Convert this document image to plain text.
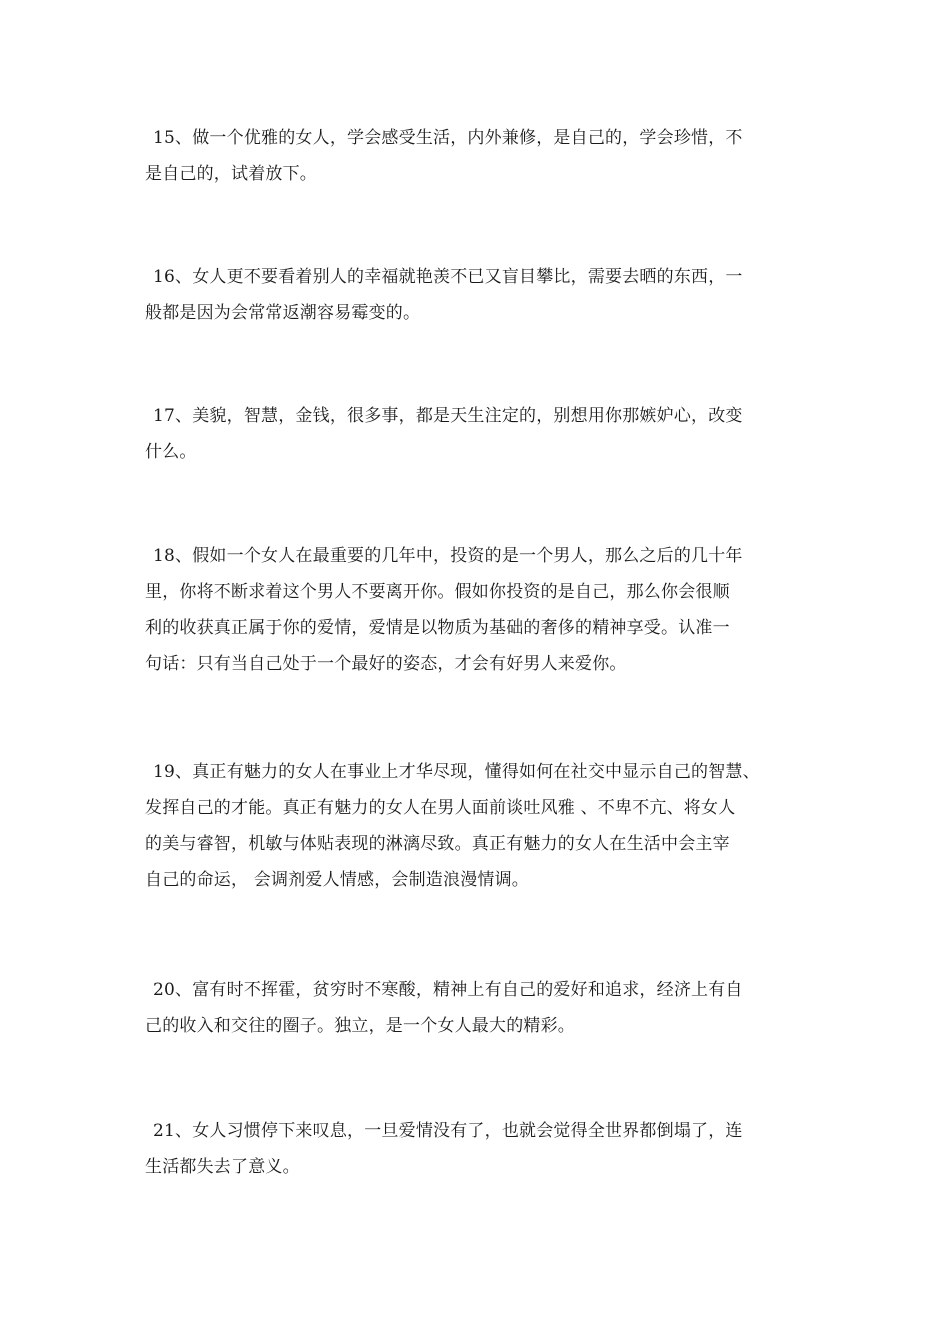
15、做一个优雅的女人，学会感受生活，内外兼修，是自己的，学会珍惜，不
是自己的，试着放下。
16、女人更不要看着别人的幸福就艳羡不已又盲目攀比，需要去晒的东西，一
般都是因为会常常返潮容易霉变的。
17、美貌，智慧，金钱，很多事，都是天生注定的，别想用你那嫉妒心，改变
什么。
18、假如一个女人在最重要的几年中，投资的是一个男人，那么之后的几十年
里，你将不断求着这个男人不要离开你。假如你投资的是自己，那么你会很顺
利的收获真正属于你的爱情，爱情是以物质为基础的奢侈的精神享受。认准一
句话：只有当自己处于一个最好的姿态，才会有好男人来爱你。
19、真正有魅力的女人在事业上才华尽现，懂得如何在社交中显示自己的智慧、
发挥自己的才能。真正有魅力的女人在男人面前谈吐风雅 、不卑不亢、将女人
的美与睿智，机敏与体贴表现的淋漓尽致。真正有魅力的女人在生活中会主宰
自己的命运， 会调剂爱人情感，会制造浪漫情调。
20、富有时不挥霍，贫穷时不寒酸，精神上有自己的爱好和追求，经济上有自
己的收入和交往的圈子。独立，是一个女人最大的精彩。
21、女人习惯停下来叹息，一旦爱情没有了，也就会觉得全世界都倒塌了，连
生活都失去了意义。
